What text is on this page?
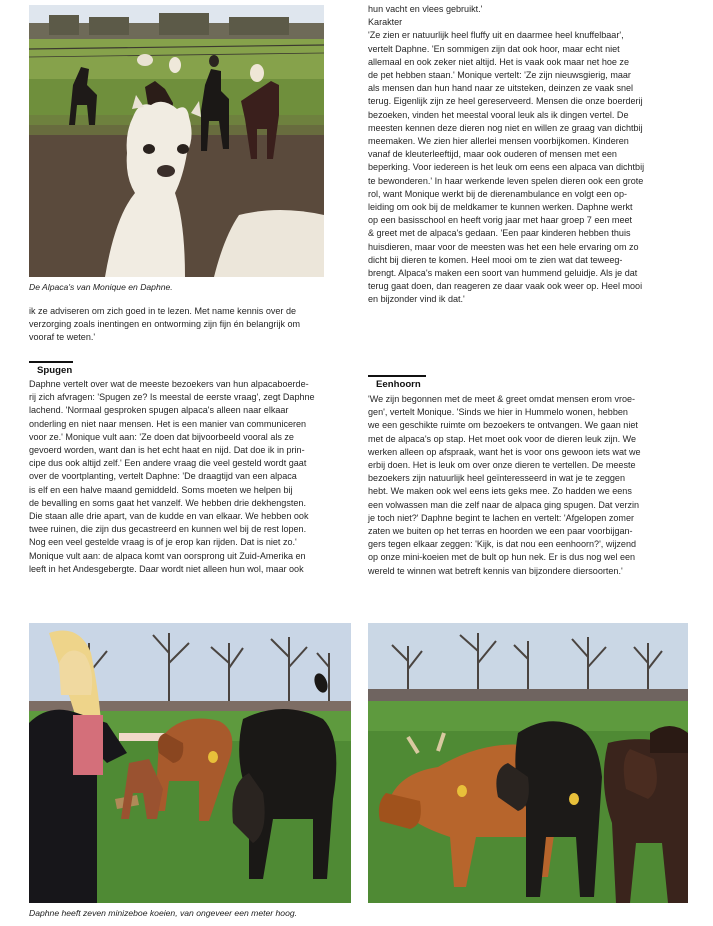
De Alpaca's van Monique en Daphne.
ik ze adviseren om zich goed in te lezen. Met name kennis over de
verzorging zoals inentingen en ontworming zijn fijn én belangrijk om
vooraf te weten.'
Spugen
Daphne vertelt over wat de meeste bezoekers van hun alpacaboerde-
rij zich afvragen: 'Spugen ze? Is meestal de eerste vraag', zegt Daphne
lachend. 'Normaal gesproken spugen alpaca's alleen naar elkaar
onderling en niet naar mensen. Het is een manier van communiceren
voor ze.' Monique vult aan: 'Ze doen dat bijvoorbeeld vooral als ze
gevoerd worden, want dan is het echt haat en nijd. Dat doe ik in prin-
cipe dus ook altijd zelf.' Een andere vraag die veel gesteld wordt gaat
over de voortplanting, vertelt Daphne: 'De draagtijd van een alpaca
is elf en een halve maand gemiddeld. Soms moeten we helpen bij
de bevalling en soms gaat het vanzelf. We hebben drie dekhengsten.
Die staan alle drie apart, van de kudde en van elkaar. We hebben ook
twee ruinen, die zijn dus gecastreerd en kunnen wel bij de rest lopen.
Nog een veel gestelde vraag is of je erop kan rijden. Dat is niet zo.'
Monique vult aan: de alpaca komt van oorsprong uit Zuid-Amerika en
leeft in het Andesgebergte. Daar wordt niet alleen hun wol, maar ook
hun vacht en vlees gebruikt.'
Karakter
'Ze zien er natuurlijk heel fluffy uit en daarmee heel knuffelbaar',
vertelt Daphne. 'En sommigen zijn dat ook hoor, maar echt niet
allemaal en ook zeker niet altijd. Het is vaak ook maar net hoe ze
de pet hebben staan.' Monique vertelt: 'Ze zijn nieuwsgierig, maar
als mensen dan hun hand naar ze uitsteken, deinzen ze vaak snel
terug. Eigenlijk zijn ze heel gereserveerd. Mensen die onze boerderij
bezoeken, vinden het meestal vooral leuk als ik dingen vertel. De
meesten kennen deze dieren nog niet en willen ze graag van dichtbij
meemaken. We zien hier allerlei mensen voorbijkomen. Kinderen
vanaf de kleuterleeftijd, maar ook ouderen of mensen met een
beperking. Voor iedereen is het leuk om eens een alpaca van dichtbij
te bewonderen.' In haar werkende leven spelen dieren ook een grote
rol, want Monique werkt bij de dierenambulance en volgt een op-
leiding om ook bij de meldkamer te kunnen werken. Daphne werkt
op een basisschool en heeft vorig jaar met haar groep 7 een meet
& greet met de alpaca's gedaan. 'Een paar kinderen hebben thuis
huisdieren, maar voor de meesten was het een hele ervaring om zo
dicht bij dieren te komen. Heel mooi om te zien wat dat teweeg-
brengt. Alpaca's maken een soort van hummend geluidje. Als je dat
terug gaat doen, dan reageren ze daar vaak ook weer op. Heel mooi
en bijzonder vind ik dat.'
Eenhoorn
'We zijn begonnen met de meet & greet omdat mensen erom vroe-
gen', vertelt Monique. 'Sinds we hier in Hummelo wonen, hebben
we een geschikte ruimte om bezoekers te ontvangen. We gaan niet
met de alpaca's op stap. Het moet ook voor de dieren leuk zijn. We
werken alleen op afspraak, want het is voor ons gewoon iets wat we
erbij doen. Het is leuk om over onze dieren te vertellen. De meeste
bezoekers zijn natuurlijk heel geïnteresseerd in wat je te zeggen
hebt. We maken ook wel eens iets geks mee. Zo hadden we eens
een volwassen man die zelf naar de alpaca ging spugen. Dat verzin
je toch niet?' Daphne begint te lachen en vertelt: 'Afgelopen zomer
zaten we buiten op het terras en hoorden we een paar voorbijgan-
gers tegen elkaar zeggen: 'Kijk, is dat nou een eenhoorn?', wijzend
op onze mini-koeien met de bult op hun nek. Er is dus nog wel een
wereld te winnen wat betreft kennis van bijzondere diersoorten.'
Daphne heeft zeven minizeboe koeien, van ongeveer een meter hoog.
